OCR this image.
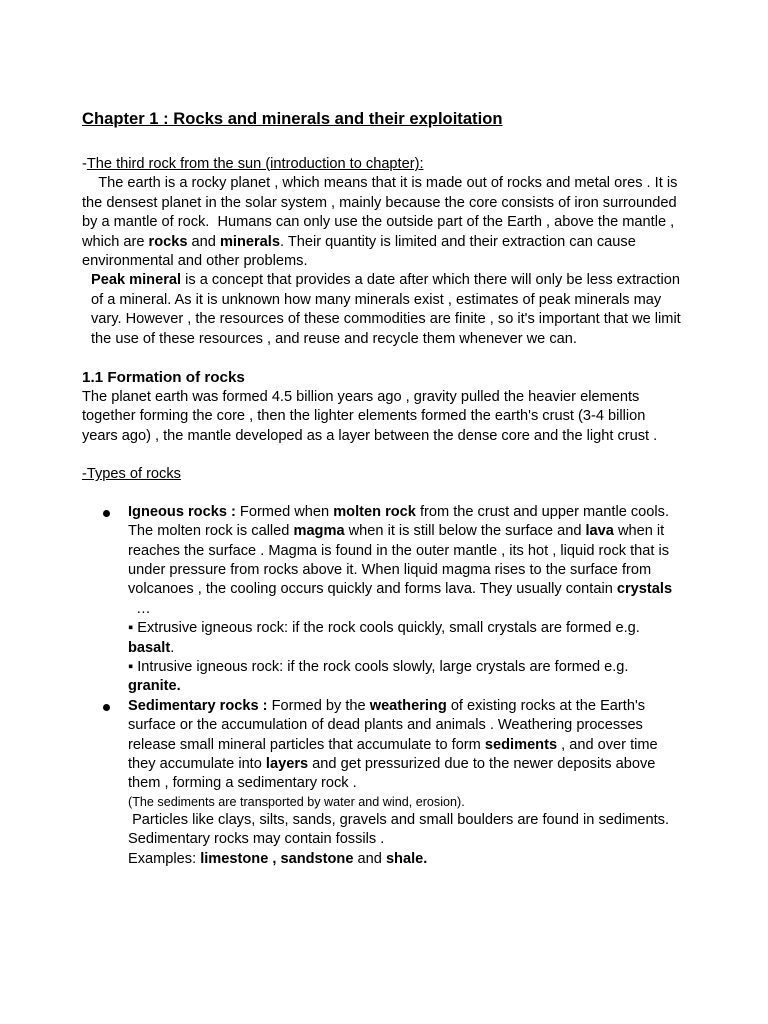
Chapter 1 : Rocks and minerals and their exploitation

-The third rock from the sun (introduction to chapter):

The earth is a rocky planet , which means that it is made out of rocks and metal ores . It is the densest planet in the solar system , mainly because the core consists of iron surrounded by a mantle of rock.  Humans can only use the outside part of the Earth , above the mantle , which are rocks and minerals. Their quantity is limited and their extraction can cause environmental and other problems.

Peak mineral is a concept that provides a date after which there will only be less extraction of a mineral. As it is unknown how many minerals exist , estimates of peak minerals may vary. However , the resources of these commodities are finite , so it's important that we limit the use of these resources , and reuse and recycle them whenever we can.

1.1 Formation of rocks

The planet earth was formed 4.5 billion years ago , gravity pulled the heavier elements together forming the core , then the lighter elements formed the earth's crust (3-4 billion years ago) , the mantle developed as a layer between the dense core and the light crust .

-Types of rocks

Igneous rocks : Formed when molten rock from the crust and upper mantle cools. The molten rock is called magma when it is still below the surface and lava when it reaches the surface . Magma is found in the outer mantle , its hot , liquid rock that is under pressure from rocks above it. When liquid magma rises to the surface from volcanoes , the cooling occurs quickly and forms lava. They usually contain crystals  …
▪ Extrusive igneous rock: if the rock cools quickly, small crystals are formed e.g. basalt.
▪ Intrusive igneous rock: if the rock cools slowly, large crystals are formed e.g. granite.
Sedimentary rocks : Formed by the weathering of existing rocks at the Earth's surface or the accumulation of dead plants and animals . Weathering processes release small mineral particles that accumulate to form sediments , and over time they accumulate into layers and get pressurized due to the newer deposits above them , forming a sedimentary rock .
(The sediments are transported by water and wind, erosion).
Particles like clays, silts, sands, gravels and small boulders are found in sediments. Sedimentary rocks may contain fossils .
Examples: limestone , sandstone and shale.
